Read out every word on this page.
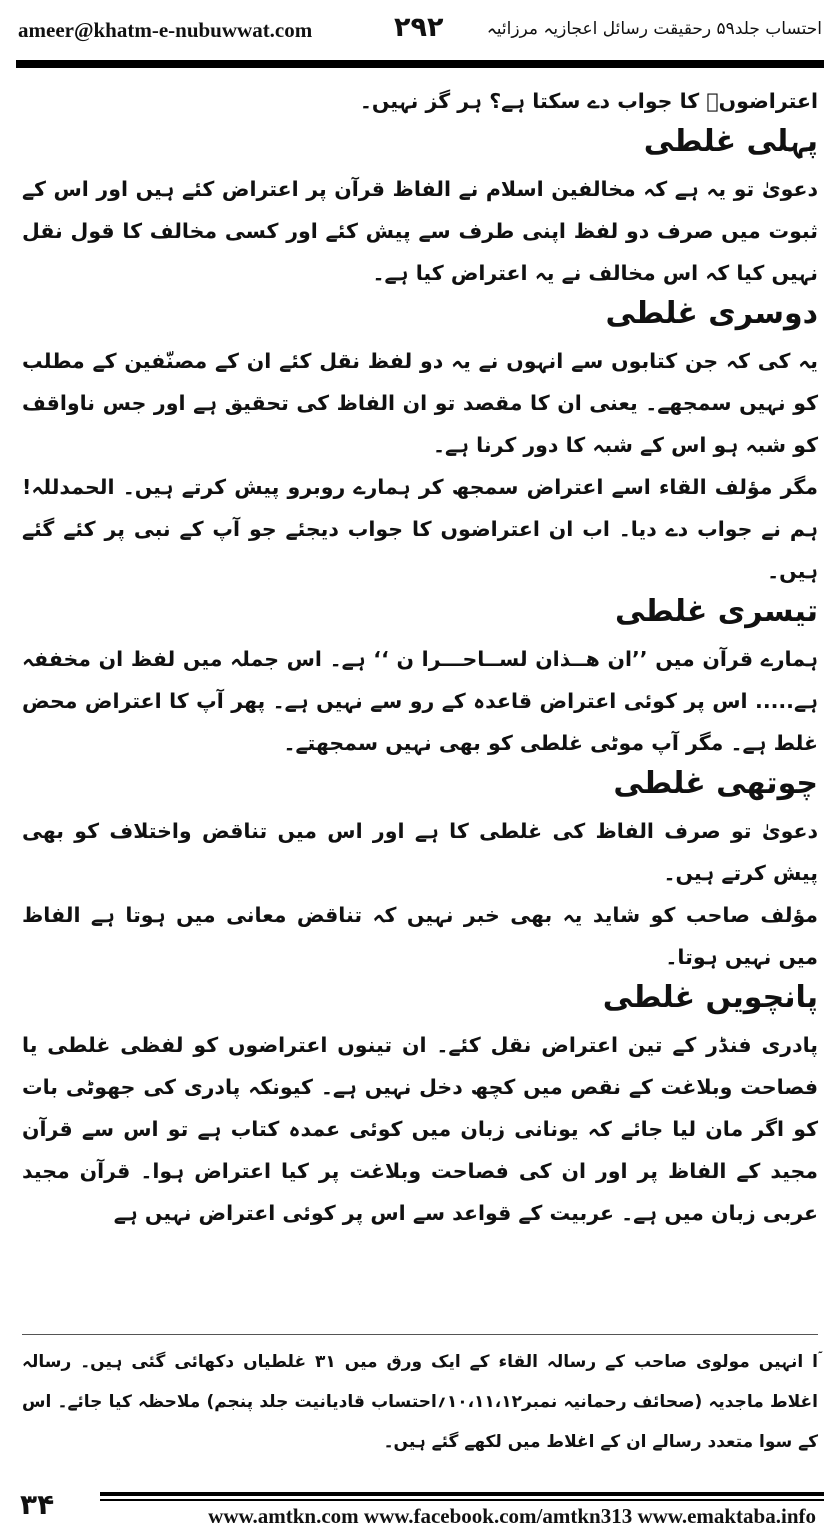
ameer@khatm-e-nubuwwat.com	۲۹۲	احتساب جلد۵۹ رحقیقت رسائل اعجازیہ مرزائیہ

اعتراضوںؔ کا جواب دے سکتا ہے؟ ہر گز نہیں۔

پہلی غلطی

دعویٰ تو یہ ہے کہ مخالفین اسلام نے الفاظ قرآن پر اعتراض کئے ہیں اور اس کے ثبوت میں صرف دو لفظ اپنی طرف سے پیش کئے اور کسی مخالف کا قول نقل نہیں کیا کہ اس مخالف نے یہ اعتراض کیا ہے۔

دوسری غلطی

یہ کی کہ جن کتابوں سے انہوں نے یہ دو لفظ نقل کئے ان کے مصنّفین کے مطلب کو نہیں سمجھے۔ یعنی ان کا مقصد تو ان الفاظ کی تحقیق ہے اور جس ناواقف کو شبہ ہو اس کے شبہ کا دور کرنا ہے۔

مگر مؤلف القاء اسے اعتراض سمجھ کر ہمارے روبرو پیش کرتے ہیں۔ الحمدللہ! ہم نے جواب دے دیا۔ اب ان اعتراضوں کا جواب دیجئے جو آپ کے نبی پر کئے گئے ہیں۔

تیسری غلطی

ہمارے قرآن میں ’’ان ھــذان لســاحـــرا ن ‘‘ ہے۔ اس جملہ میں لفظ ان مخففہ ہے..... اس پر کوئی اعتراض قاعدہ کے رو سے نہیں ہے۔ پھر آپ کا اعتراض محض غلط ہے۔ مگر آپ موٹی غلطی کو بھی نہیں سمجھتے۔

چوتھی غلطی

دعویٰ تو صرف الفاظ کی غلطی کا ہے اور اس میں تناقض واختلاف کو بھی پیش کرتے ہیں۔

مؤلف صاحب کو شاید یہ بھی خبر نہیں کہ تناقض معانی میں ہوتا ہے الفاظ میں نہیں ہوتا۔

پانچویں غلطی

پادری فنڈر کے تین اعتراض نقل کئے۔ ان تینوں اعتراضوں کو لفظی غلطی یا فصاحت وبلاغت کے نقص میں کچھ دخل نہیں ہے۔ کیونکہ پادری کی جھوٹی بات کو اگر مان لیا جائے کہ یونانی زبان میں کوئی عمدہ کتاب ہے تو اس سے قرآن مجید کے الفاظ پر اور ان کی فصاحت وبلاغت پر کیا اعتراض ہوا۔ قرآن مجید عربی زبان میں ہے۔ عربیت کے قواعد سے اس پر کوئی اعتراض نہیں ہے

ۤا انہیں مولوی صاحب کے رسالہ القاء کے ایک ورق میں ۳۱ غلطیاں دکھائی گئی ہیں۔ رسالہ اغلاط ماجدیہ (صحائف رحمانیہ نمبر۱۰،۱۱،۱۲؍احتساب قادیانیت جلد پنجم) ملاحظہ کیا جائے۔ اس کے سوا متعدد رسالے ان کے اغلاط میں لکھے گئے ہیں۔
۳۴	www.amtkn.com www.facebook.com/amtkn313 www.emaktaba.info
